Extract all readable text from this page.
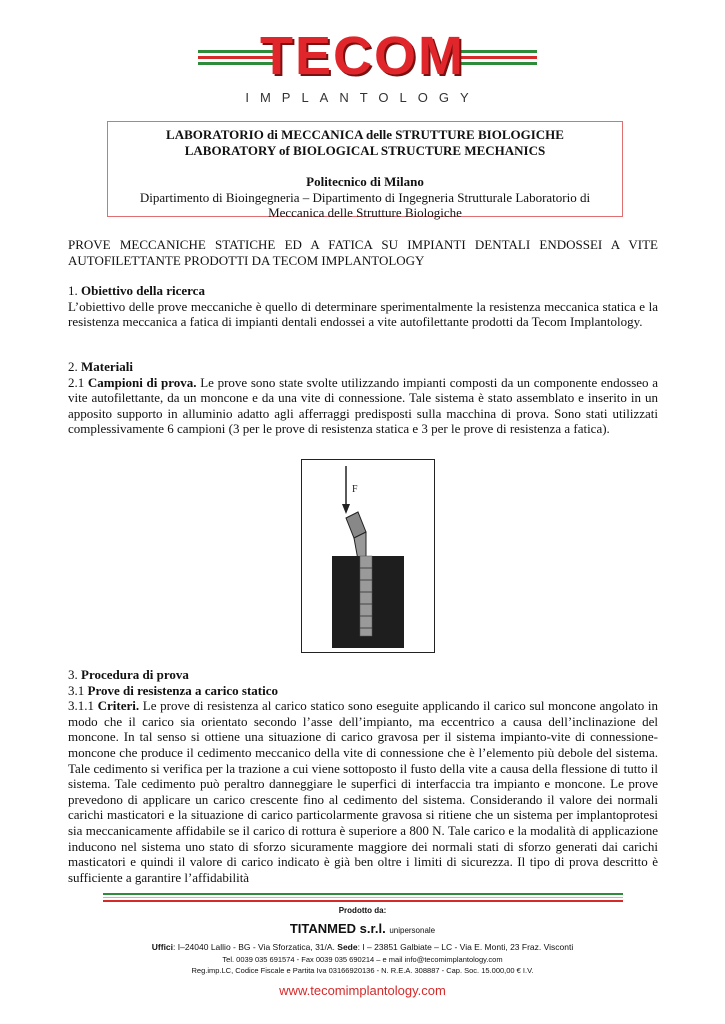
TECOM
IMPLANTOLOGY
LABORATORIO di MECCANICA delle STRUTTURE BIOLOGICHE
LABORATORY of BIOLOGICAL STRUCTURE MECHANICS
Politecnico di Milano
Dipartimento di Bioingegneria – Dipartimento di Ingegneria Strutturale Laboratorio di Meccanica delle Strutture Biologiche

PROVE MECCANICHE STATICHE ED A FATICA SU IMPIANTI DENTALI ENDOSSEI A VITE AUTOFILETTANTE PRODOTTI DA TECOM IMPLANTOLOGY

1. Obiettivo della ricerca

L’obiettivo delle prove meccaniche è quello di determinare sperimentalmente la resistenza meccanica statica e la resistenza meccanica a fatica di impianti dentali endossei a vite autofilettante prodotti da Tecom Implantology.

2. Materiali

2.1 Campioni di prova. Le prove sono state svolte utilizzando impianti composti da un componente endosseo a vite autofilettante, da un moncone e da una vite di connessione. Tale sistema è stato assemblato e inserito in un apposito supporto in alluminio adatto agli afferraggi predisposti sulla macchina di prova. Sono stati utilizzati complessivamente 6 campioni (3 per le prove di resistenza statica e 3 per le prove di resistenza a fatica).

F

3. Procedura di prova

3.1 Prove di resistenza a carico statico

3.1.1 Criteri. Le prove di resistenza al carico statico sono eseguite applicando il carico sul moncone angolato in modo che il carico sia orientato secondo l’asse dell’impianto, ma eccentrico a causa dell’inclinazione del moncone. In tal senso si ottiene una situazione di carico gravosa per il sistema impianto-vite di connessione-moncone che produce il cedimento meccanico della vite di connessione che è l’elemento più debole del sistema. Tale cedimento si verifica per la trazione a cui viene sottoposto il fusto della vite a causa della flessione di tutto il sistema. Tale cedimento può peraltro danneggiare le superfici di interfaccia tra impianto e moncone. Le prove prevedono di applicare un carico crescente fino al cedimento del sistema. Considerando il valore dei normali carichi masticatori e la situazione di carico particolarmente gravosa si ritiene che un sistema per implantoprotesi sia meccanicamente affidabile se il carico di rottura è superiore a 800 N. Tale carico e la modalità di applicazione inducono nel sistema uno stato di sforzo sicuramente maggiore dei normali stati di sforzo generati dai carichi masticatori e quindi il valore di carico indicato è già ben oltre i limiti di sicurezza. Il tipo di prova descritto è sufficiente a garantire l’affidabilità

Prodotto da:
TITANMED s.r.l. unipersonale
Uffici: I–24040 Lallio - BG - Via Sforzatica, 31/A. Sede: I – 23851 Galbiate – LC - Via E. Monti, 23 Fraz. Visconti
Tel. 0039 035 691574 - Fax 0039 035 690214 – e mail info@tecomimplantology.com
Reg.imp.LC, Codice Fiscale e Partita Iva 03166920136 - N. R.E.A. 308887 - Cap. Soc. 15.000,00 € I.V.
www.tecomimplantology.com
